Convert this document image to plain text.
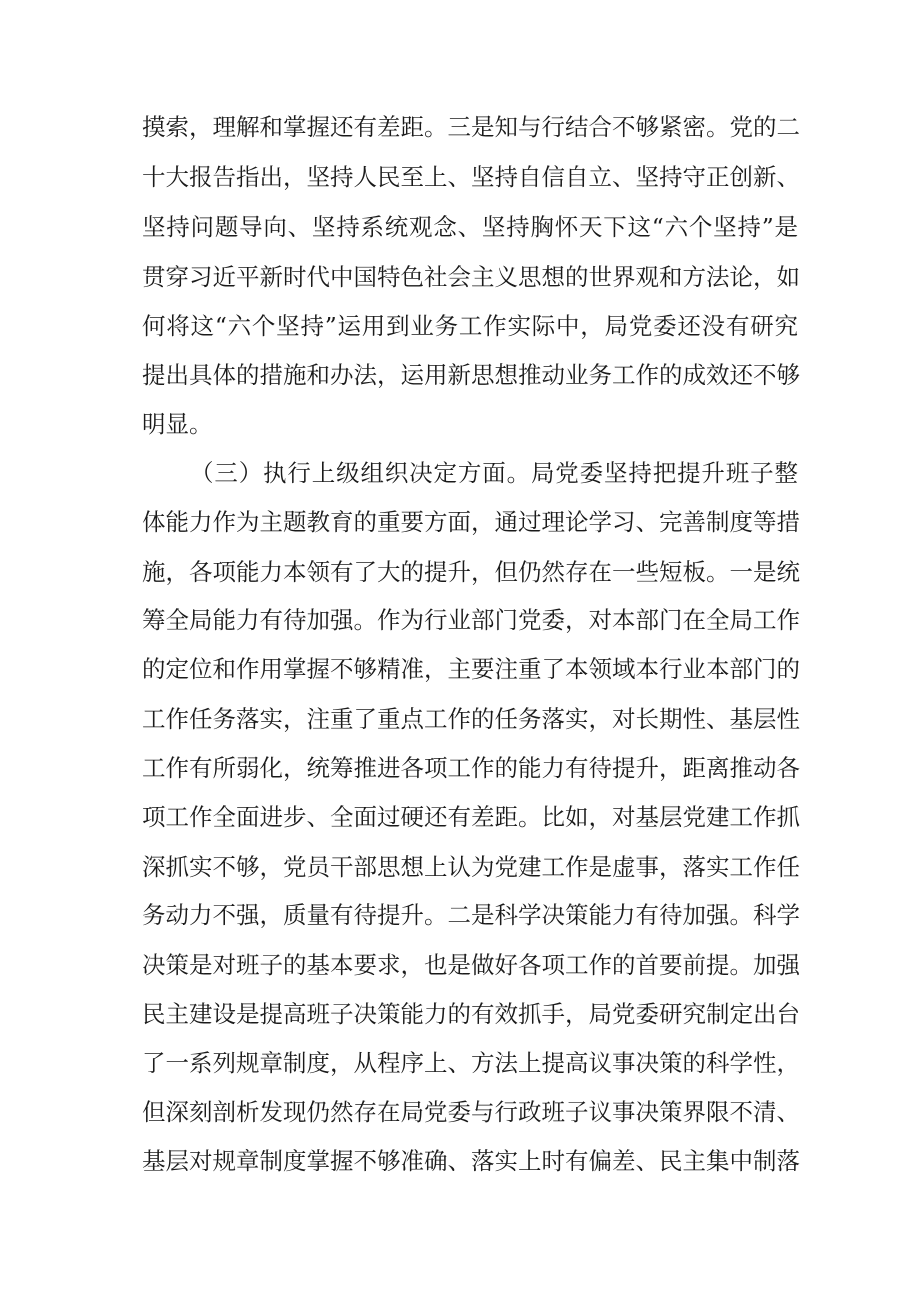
摸索，理解和掌握还有差距。三是知与行结合不够紧密。党的二
十大报告指出，坚持人民至上、坚持自信自立、坚持守正创新、
坚持问题导向、坚持系统观念、坚持胸怀天下这“六个坚持”是
贯穿习近平新时代中国特色社会主义思想的世界观和方法论，如
何将这“六个坚持”运用到业务工作实际中，局党委还没有研究
提出具体的措施和办法，运用新思想推动业务工作的成效还不够
明显。
（三）执行上级组织决定方面。局党委坚持把提升班子整
体能力作为主题教育的重要方面，通过理论学习、完善制度等措
施，各项能力本领有了大的提升，但仍然存在一些短板。一是统
筹全局能力有待加强。作为行业部门党委，对本部门在全局工作
的定位和作用掌握不够精准，主要注重了本领域本行业本部门的
工作任务落实，注重了重点工作的任务落实，对长期性、基层性
工作有所弱化，统筹推进各项工作的能力有待提升，距离推动各
项工作全面进步、全面过硬还有差距。比如，对基层党建工作抓
深抓实不够，党员干部思想上认为党建工作是虚事，落实工作任
务动力不强，质量有待提升。二是科学决策能力有待加强。科学
决策是对班子的基本要求，也是做好各项工作的首要前提。加强
民主建设是提高班子决策能力的有效抓手，局党委研究制定出台
了一系列规章制度，从程序上、方法上提高议事决策的科学性，
但深刻剖析发现仍然存在局党委与行政班子议事决策界限不清、
基层对规章制度掌握不够准确、落实上时有偏差、民主集中制落
